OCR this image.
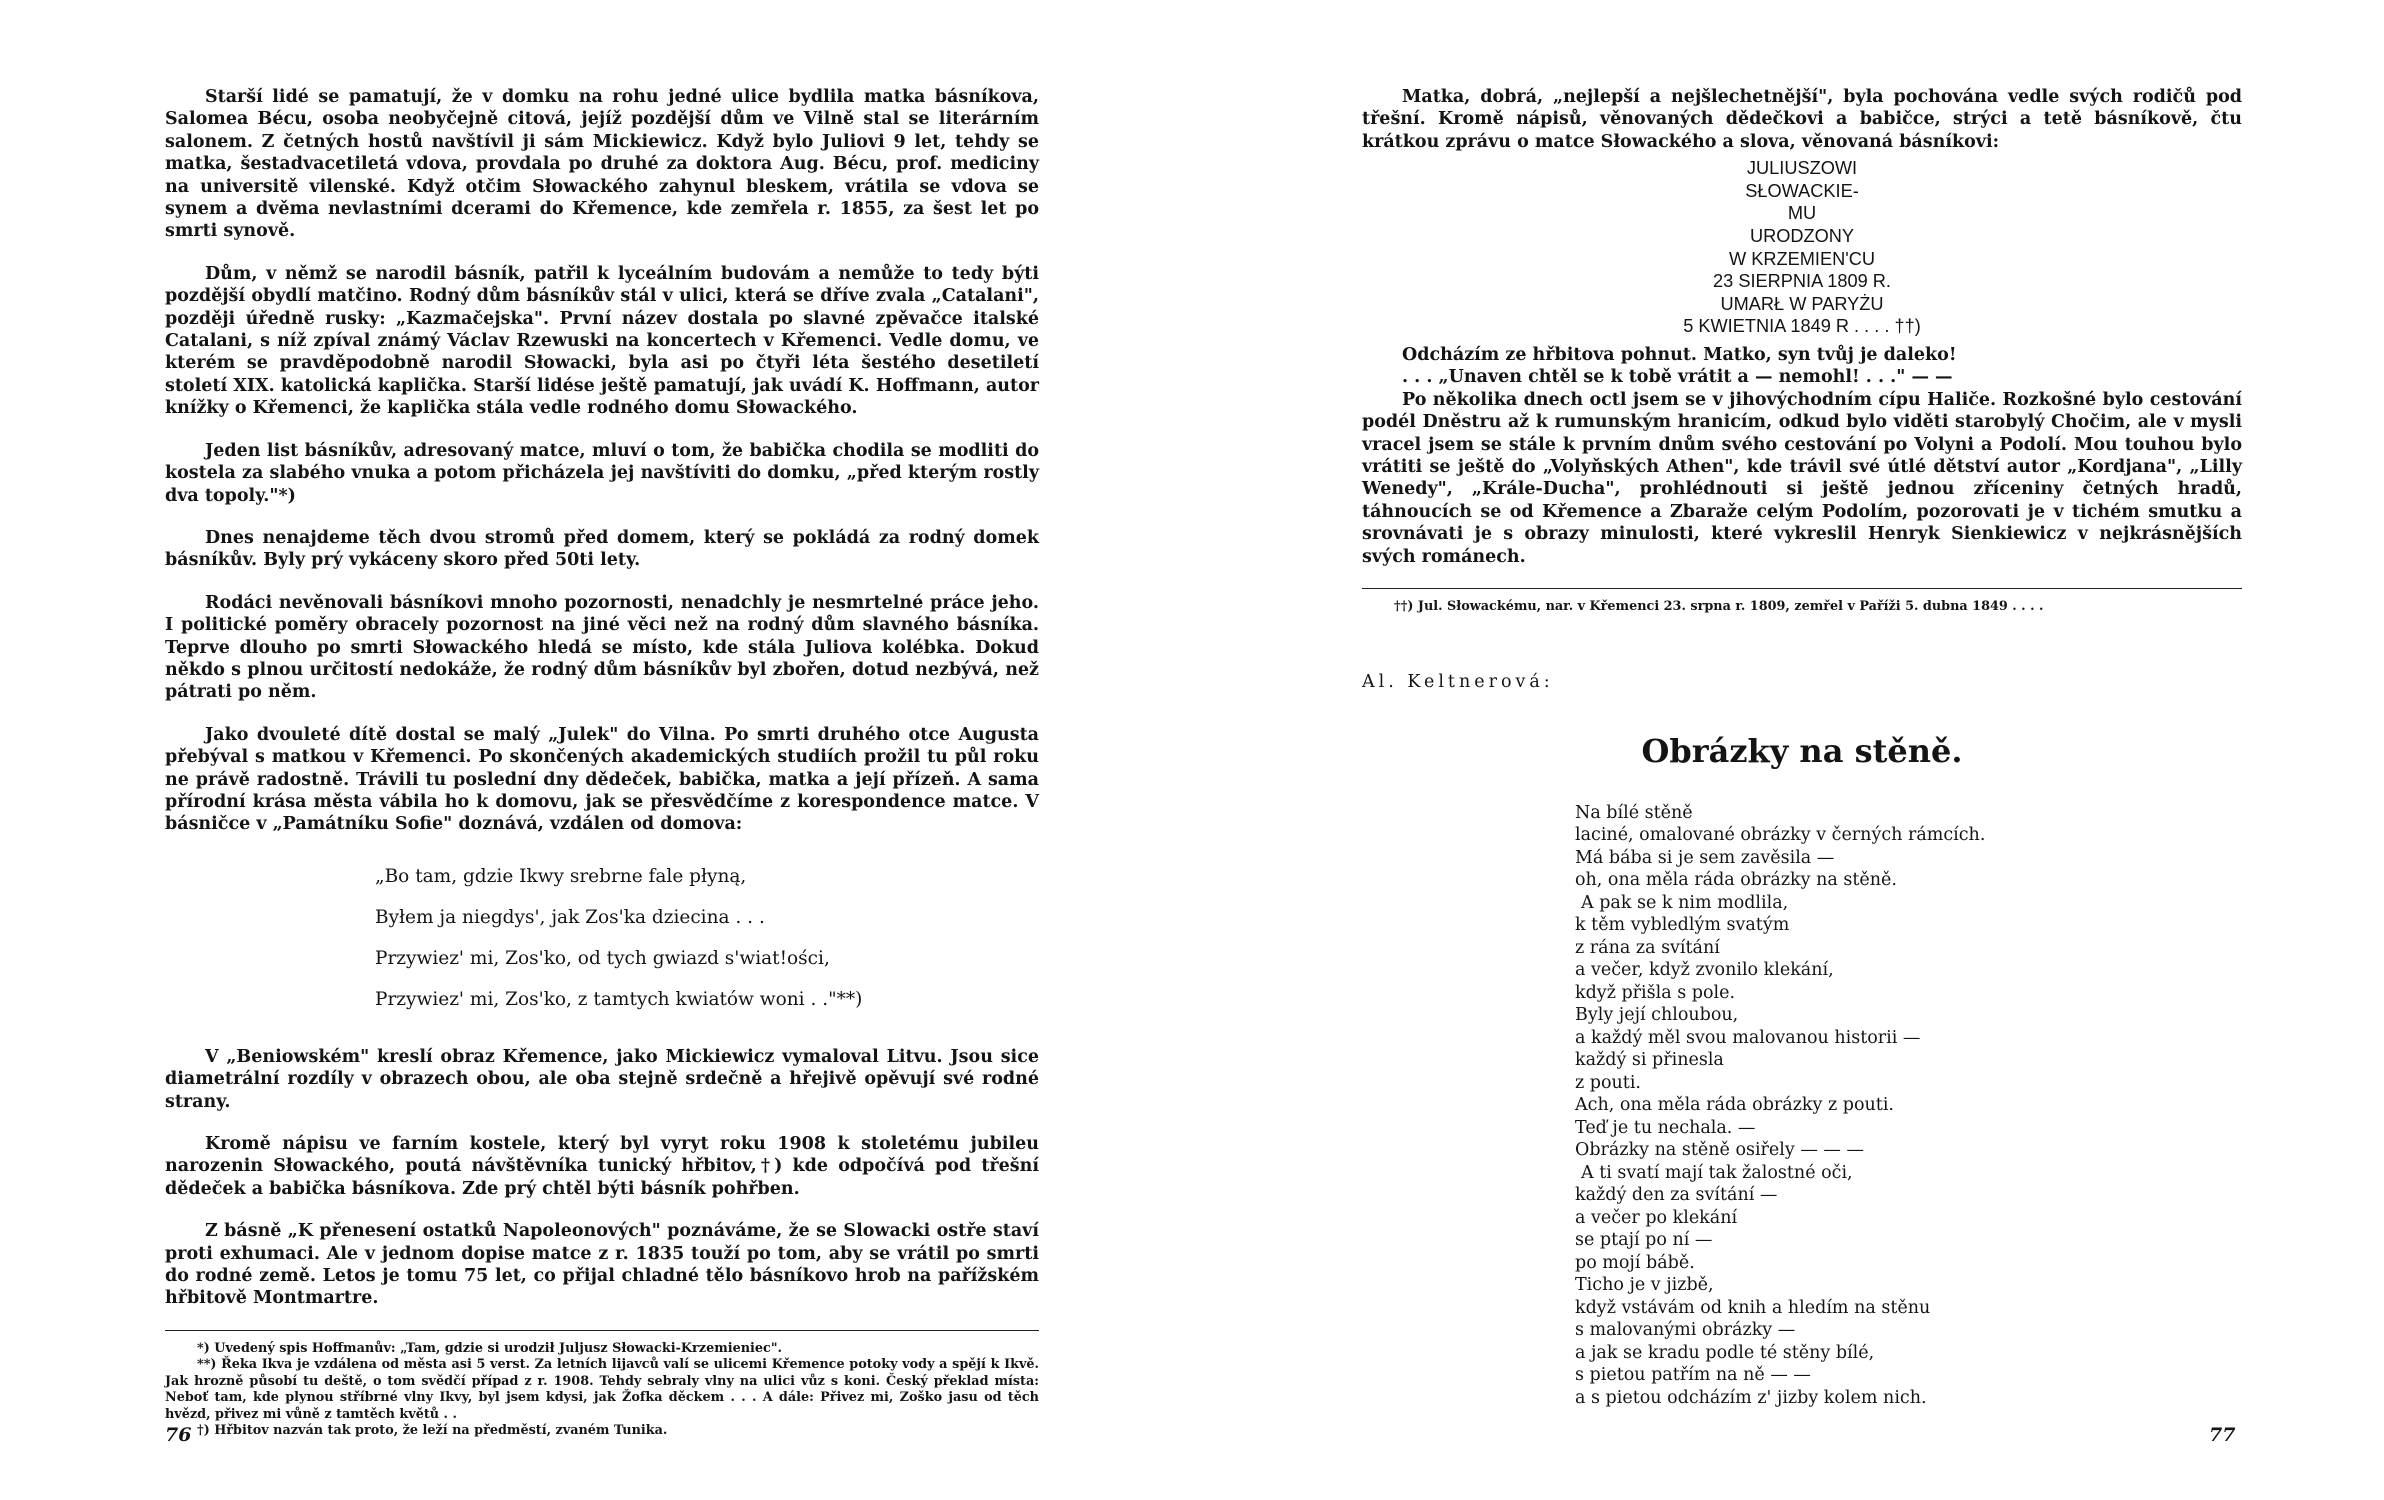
Starší lidé se pamatují, že v domku na rohu jedné ulice bydlila matka básníkova, Salomea Bécu, osoba neobyčejně citová, jejíž pozdější dům ve Vilně stal se literárním salonem. Z četných hostů navštívil ji sám Mickiewicz. Když bylo Juliovi 9 let, tehdy se matka, šestadvacetiletá vdova, provdala po druhé za doktora Aug. Bécu, prof. mediciny na universitě vilenské. Když otčim Słowackého zahynul bleskem, vrátila se vdova se synem a dvěma nevlastními dcerami do Křemence, kde zemřela r. 1855, za šest let po smrti synově.

Dům, v němž se narodil básník, patřil k lyceálním budovám a nemůže to tedy býti pozdější obydlí matčino. Rodný dům básníkův stál v ulici, která se dříve zvala „Catalani", později úředně rusky: „Kazmačejska". První název dostala po slavné zpěvačce italské Catalani, s níž zpíval známý Václav Rzewuski na koncertech v Křemenci. Vedle domu, ve kterém se pravděpodobně narodil Słowacki, byla asi po čtyři léta šestého desetiletí století XIX. katolická kaplička. Starší lidése ještě pamatují, jak uvádí K. Hoffmann, autor knížky o Křemenci, že kaplička stála vedle rodného domu Słowackého.

Jeden list básníkův, adresovaný matce, mluví o tom, že babička chodila se modliti do kostela za slabého vnuka a potom přicházela jej navštíviti do domku, „před kterým rostly dva topoly."*)

Dnes nenajdeme těch dvou stromů před domem, který se pokládá za rodný domek básníkův. Byly prý vykáceny skoro před 50ti lety.

Rodáci nevěnovali básníkovi mnoho pozornosti, nenadchly je nesmrtelné práce jeho. I politické poměry obracely pozornost na jiné věci než na rodný dům slavného básníka. Teprve dlouho po smrti Słowackého hledá se místo, kde stála Juliova kolébka. Dokud někdo s plnou určitostí nedokáže, že rodný dům básníkův byl zbořen, dotud nezbývá, než pátrati po něm.

Jako dvouleté dítě dostal se malý „Julek" do Vilna. Po smrti druhého otce Augusta přebýval s matkou v Křemenci. Po skončených akademických studiích prožil tu půl roku ne právě radostně. Trávili tu poslední dny dědeček, babička, matka a její přízeň. A sama přírodní krása města vábila ho k domovu, jak se přesvědčíme z korespondence matce. V básničce v „Památníku Sofie" doznává, vzdálen od domova:

„Bo tam, gdzie Ikwy srebrne fale płyną,
Byłem ja niegdys', jak Zos'ka dziecina . . .
Przywiez' mi, Zos'ko, od tych gwiazd s'wiat!ości,
Przywiez' mi, Zos'ko, z tamtych kwiatów woni . ."**)

V „Beniowském" kreslí obraz Křemence, jako Mickiewicz vymaloval Litvu. Jsou sice diametrální rozdíly v obrazech obou, ale oba stejně srdečně a hřejivě opěvují své rodné strany.

Kromě nápisu ve farním kostele, který byl vyryt roku 1908 k stoletému jubileu narozenin Słowackého, poutá návštěvníka tunický hřbitov,†) kde odpočívá pod třešní dědeček a babička básníkova. Zde prý chtěl býti básník pohřben.

Z básně „K přenesení ostatků Napoleonových" poznáváme, že se Slowacki ostře staví proti exhumaci. Ale v jednom dopise matce z r. 1835 touží po tom, aby se vrátil po smrti do rodné země. Letos je tomu 75 let, co přijal chladné tělo básníkovo hrob na pařížském hřbitově Montmartre.

*) Uvedený spis Hoffmanův: „Tam, gdzie si urodził Juljusz Słowacki-Krzemieniec".

**) Řeka Ikva je vzdálena od města asi 5 verst. Za letních lijavců valí se ulicemi Křemence potoky vody a spějí k Ikvě. Jak hrozně působí tu deště, o tom svědčí případ z r. 1908. Tehdy sebraly vlny na ulici vůz s koni. Český překlad místa: Neboť tam, kde plynou stříbrné vlny Ikvy, byl jsem kdysi, jak Žofka děckem . . . A dále: Přivez mi, Zoško jasu od těch hvězd, přivez mi vůně z tamtěch květů . .

†) Hřbitov nazván tak proto, že leží na předměstí, zvaném Tunika.

76

Matka, dobrá, „nejlepší a nejšlechetnější", byla pochována vedle svých rodičů pod třešní. Kromě nápisů, věnovaných dědečkovi a babičce, strýci a tetě básníkově, čtu krátkou zprávu o matce Słowackého a slova, věnovaná básníkovi:

JULIUSZOWI
SŁOWACKIE-
MU
URODZONY
W KRZEMIEN'CU
23 SIERPNIA 1809 R.
UMARŁ W PARYŻU
5 KWIETNIA 1849 R . . . . ††)

Odcházím ze hřbitova pohnut. Matko, syn tvůj je daleko!

. . . „Unaven chtěl se k tobě vrátit a — nemohl! . . ." — —

Po několika dnech octl jsem se v jihovýchodním cípu Haliče. Rozkošné bylo cestování podél Dněstru až k rumunským hranicím, odkud bylo viděti starobylý Chočim, ale v mysli vracel jsem se stále k prvním dnům svého cestování po Volyni a Podolí. Mou touhou bylo vrátiti se ještě do „Volyňských Athen", kde trávil své útlé dětství autor „Kordjana", „Lilly Wenedy", „Krále-Ducha", prohlédnouti si ještě jednou zříceniny četných hradů, táhnoucích se od Křemence a Zbaraže celým Podolím, pozorovati je v tichém smutku a srovnávati je s obrazy minulosti, které vykreslil Henryk Sienkiewicz v nejkrásnějších svých románech.

††) Jul. Słowackému, nar. v Křemenci 23. srpna r. 1809, zemřel v Paříži 5. dubna 1849 . . . .

Al. Keltnerová:
Obrázky na stěně.
Na bílé stěně
laciné, omalované obrázky v černých rámcích.
Má bába si je sem zavěsila —
oh, ona měla ráda obrázky na stěně.
A pak se k nim modlila,
k těm vybledlým svatým
z rána za svítání
a večer, když zvonilo klekání,
když přišla s pole.
Byly její chloubou,
a každý měl svou malovanou historii —
každý si přinesla
z pouti.
Ach, ona měla ráda obrázky z pouti.
Teď je tu nechala. —
Obrázky na stěně osiřely — — —
A ti svatí mají tak žalostné oči,
každý den za svítání —
a večer po klekání
se ptají po ní —
po mojí bábě.
Ticho je v jizbě,
když vstávám od knih a hledím na stěnu
s malovanými obrázky —
a jak se kradu podle té stěny bílé,
s pietou patřím na ně — —
a s pietou odcházím z' jizby kolem nich.
77
